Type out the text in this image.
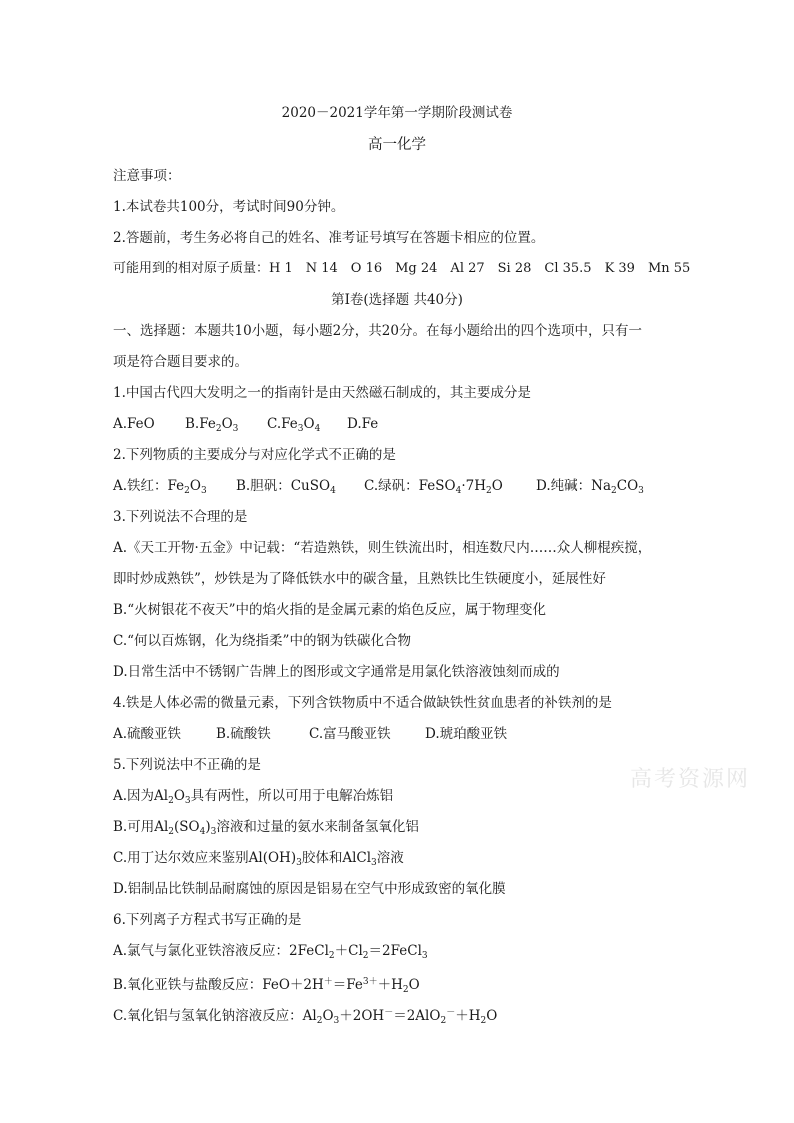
高考资源网
2020－2021学年第一学期阶段测试卷
高一化学
注意事项：
1.本试卷共100分，考试时间90分钟。
2.答题前，考生务必将自己的姓名、准考证号填写在答题卡相应的位置。
可能用到的相对原子质量：H 1　N 14　O 16　Mg 24　Al 27　Si 28　Cl 35.5　K 39　Mn 55
第Ⅰ卷(选择题 共40分)
一、选择题：本题共10小题，每小题2分，共20分。在每小题给出的四个选项中，只有一
项是符合题目要求的。
1.中国古代四大发明之一的指南针是由天然磁石制成的，其主要成分是
A.FeO $B.Fe_2O_3$ $C.Fe_3O_4$ D.Fe
2.下列物质的主要成分与对应化学式不正确的是
A.铁红：$Fe_2O_3$ B.胆矾：CuSO$_4$ C.绿矾：$FeSO_4\cdot 7H_2O$ D.纯碱：$Na_2CO_3$
3.下列说法不合理的是
A.《天工开物·五金》中记载：“若造熟铁，则生铁流出时，相连数尺内……众人柳棍疾搅，
即时炒成熟铁”，炒铁是为了降低铁水中的碳含量，且熟铁比生铁硬度小，延展性好
B.“火树银花不夜天”中的焰火指的是金属元素的焰色反应，属于物理变化
C.“何以百炼钢，化为绕指柔”中的钢为铁碳化合物
D.日常生活中不锈钢广告牌上的图形或文字通常是用氯化铁溶液蚀刻而成的
4.铁是人体必需的微量元素，下列含铁物质中不适合做缺铁性贫血患者的补铁剂的是
A.硫酸亚铁	B.硫酸铁	C.富马酸亚铁	D.琥珀酸亚铁
5.下列说法中不正确的是
A.因为$Al_2O_3$具有两性，所以可用于电解冶炼铝
B.可用$Al_2(SO_4)_3$溶液和过量的氨水来制备氢氧化铝
C.用丁达尔效应来鉴别$Al(OH)_3$胶体和AlCl$_3$溶液
D.铝制品比铁制品耐腐蚀的原因是铝易在空气中形成致密的氧化膜
6.下列离子方程式书写正确的是
A.氯气与氯化亚铁溶液反应：$2FeCl_2+Cl_2=2FeCl_3$
B.氧化亚铁与盐酸反应：$FeO+2H^+=Fe^{3+}+H_2O$
C.氧化铝与氢氧化钠溶液反应：$Al_2O_3+2OH^-=2AlO_2^-+H_2O$
